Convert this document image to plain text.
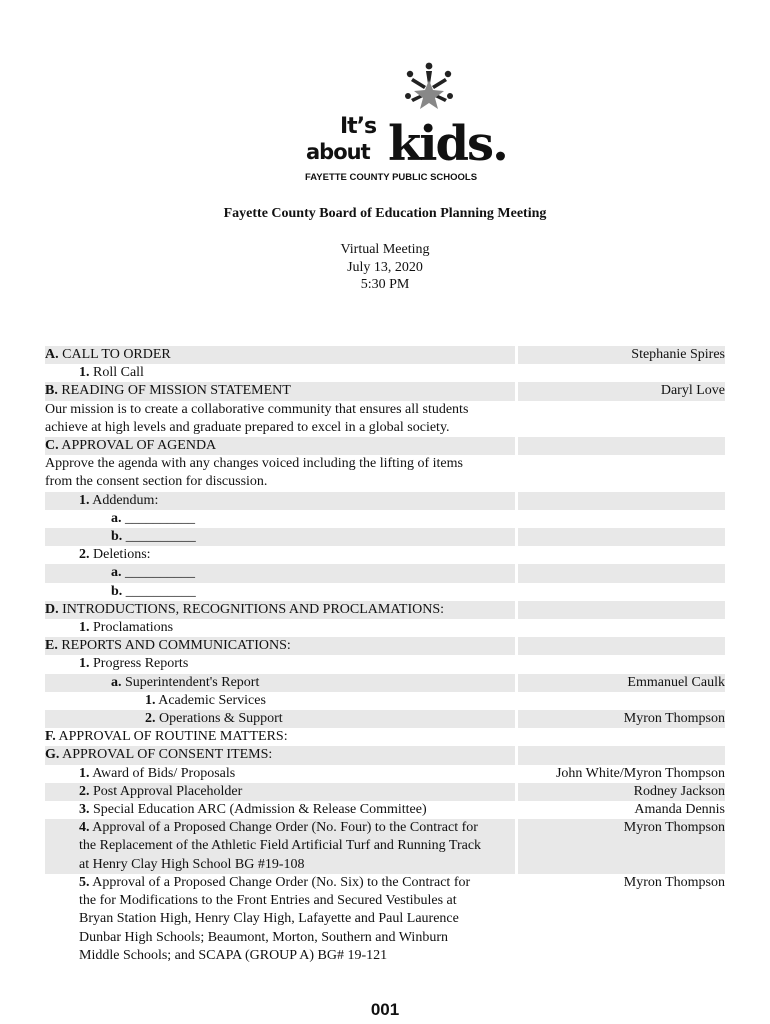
It’s
about kids.
FAYETTE COUNTY PUBLIC SCHOOLS
Fayette County Board of Education Planning Meeting
Virtual Meeting
July 13, 2020
5:30 PM
A. CALL TO ORDER	Stephanie Spires
1. Roll Call
B. READING OF MISSION STATEMENT	Daryl Love
Our mission is to create a collaborative community that ensures all students
achieve at high levels and graduate prepared to excel in a global society.
C. APPROVAL OF AGENDA
Approve the agenda with any changes voiced including the lifting of items
from the consent section for discussion.
1. Addendum:
a. __________
b. __________
2. Deletions:
a. __________
b. __________
D. INTRODUCTIONS, RECOGNITIONS AND PROCLAMATIONS:
1. Proclamations
E. REPORTS AND COMMUNICATIONS:
1. Progress Reports
a. Superintendent's Report	Emmanuel Caulk
1. Academic Services
2. Operations & Support	Myron Thompson
F. APPROVAL OF ROUTINE MATTERS:
G. APPROVAL OF CONSENT ITEMS:
1. Award of Bids/ Proposals	John White/Myron Thompson
2. Post Approval Placeholder	Rodney Jackson
3. Special Education ARC (Admission & Release Committee)	Amanda Dennis
4. Approval of a Proposed Change Order (No. Four) to the Contract for	Myron Thompson
the Replacement of the Athletic Field Artificial Turf and Running Track
at Henry Clay High School BG #19-108
5. Approval of a Proposed Change Order (No. Six) to the Contract for	Myron Thompson
the for Modifications to the Front Entries and Secured Vestibules at
Bryan Station High, Henry Clay High, Lafayette and Paul Laurence
Dunbar High Schools; Beaumont, Morton, Southern and Winburn
Middle Schools; and SCAPA (GROUP A) BG# 19-121
001
